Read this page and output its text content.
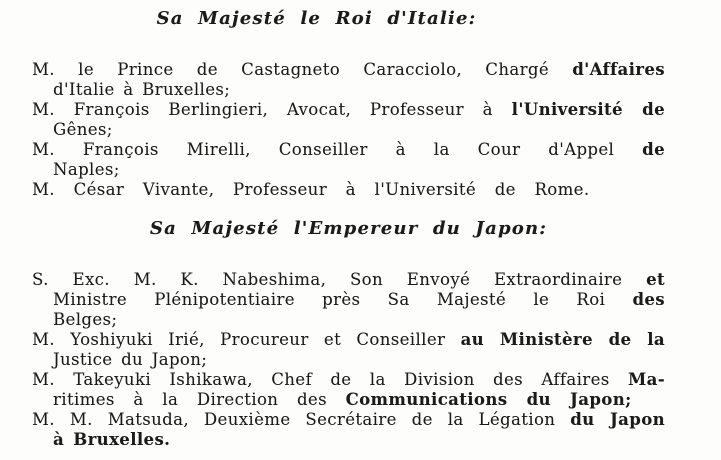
Sa Majesté le Roi d'Italie:

M. le Prince de Castagneto Caracciolo, Chargé d'Affaires

d'Italie à Bruxelles;

M. François Berlingieri, Avocat, Professeur à l'Université de

Gênes;

M. François Mirelli, Conseiller à la Cour d'Appel de

Naples;

M. César Vivante, Professeur à l'Université de Rome.

Sa Majesté l'Empereur du Japon:

S. Exc. M. K. Nabeshima, Son Envoyé Extraordinaire et

Ministre Plénipotentiaire près Sa Majesté le Roi des

Belges;

M. Yoshiyuki Irié, Procureur et Conseiller au Ministère de la

Justice du Japon;

M. Takeyuki Ishikawa, Chef de la Division des Affaires Ma-

ritimes à la Direction des Communications du Japon;

M. M. Matsuda, Deuxième Secrétaire de la Légation du Japon

à Bruxelles.
